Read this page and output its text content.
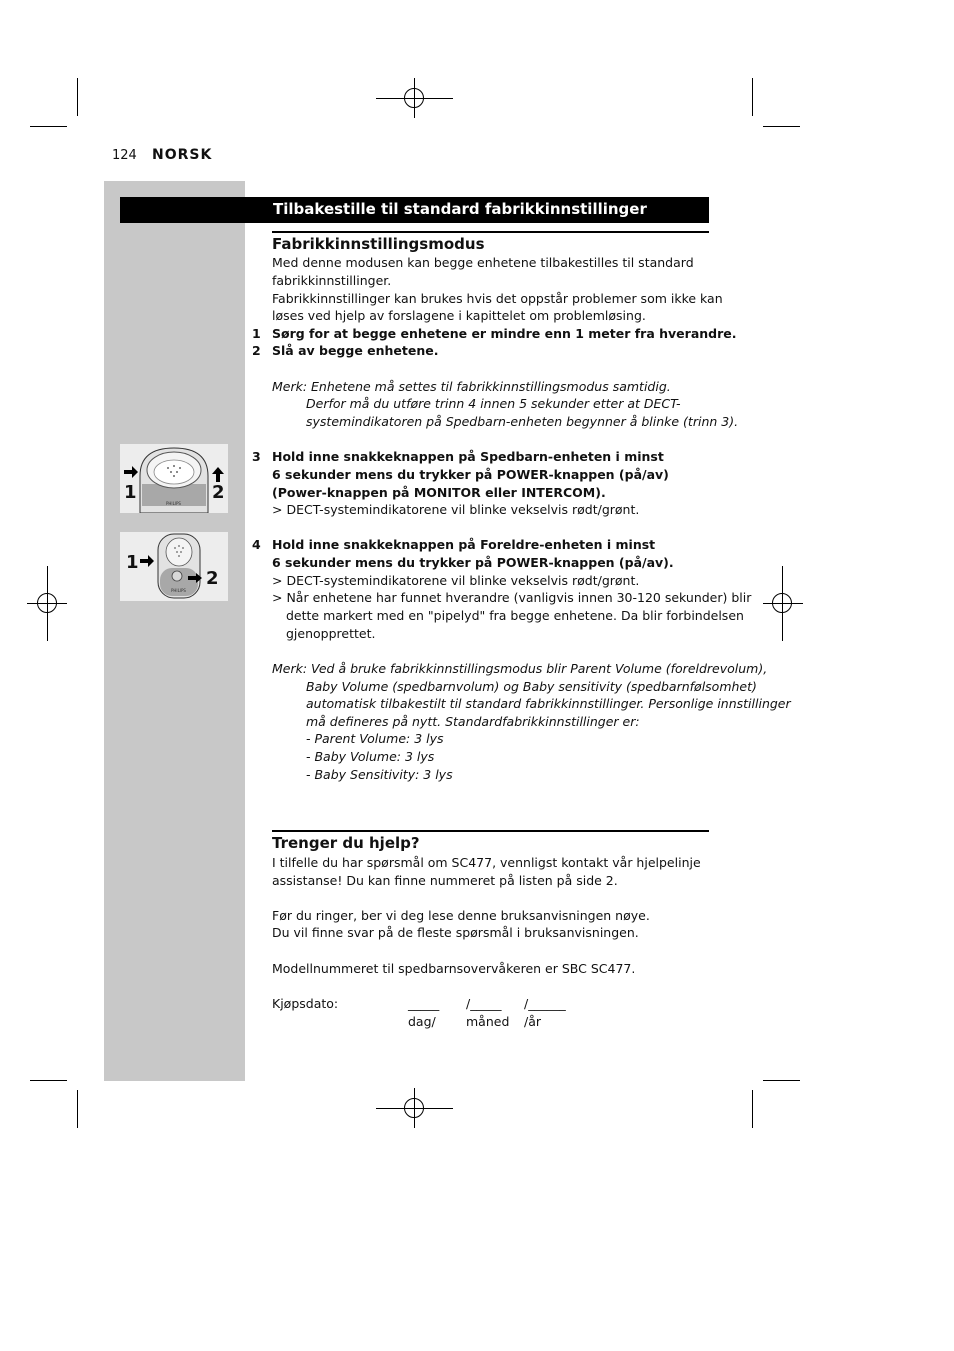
124 NORSK
Tilbakestille til standard fabrikkinnstillinger
Fabrikkinnstillingsmodus
Med denne modusen kan begge enhetene tilbakestilles til standard
fabrikkinnstillinger.
Fabrikkinnstillinger kan brukes hvis det oppstår problemer som ikke kan
løses ved hjelp av forslagene i kapittelet om problemløsing.
1 Sørg for at begge enhetene er mindre enn 1 meter fra hverandre.
2 Slå av begge enhetene.
Merk: Enhetene må settes til fabrikkinnstillingsmodus samtidig.
Derfor må du utføre trinn 4 innen 5 sekunder etter at DECT-
systemindikatoren på Spedbarn-enheten begynner å blinke (trinn 3).
1	2
PHILIPS
3 Hold inne snakkeknappen på Spedbarn-enheten i minst
6 sekunder mens du trykker på POWER-knappen (på/av)
(Power-knappen på MONITOR eller INTERCOM).
> DECT-systemindikatorene vil blinke vekselvis rødt/grønt.
1
2
PHILIPS
4 Hold inne snakkeknappen på Foreldre-enheten i minst
6 sekunder mens du trykker på POWER-knappen (på/av).
> DECT-systemindikatorene vil blinke vekselvis rødt/grønt.
> Når enhetene har funnet hverandre (vanligvis innen 30-120 sekunder) blir
dette markert med en "pipelyd" fra begge enhetene. Da blir forbindelsen
gjenopprettet.
Merk: Ved å bruke fabrikkinnstillingsmodus blir Parent Volume (foreldrevolum),
Baby Volume (spedbarnvolum) og Baby sensitivity (spedbarnfølsomhet)
automatisk tilbakestilt til standard fabrikkinnstillinger. Personlige innstillinger
må defineres på nytt. Standardfabrikkinnstillinger er:
- Parent Volume: 3 lys
- Baby Volume: 3 lys
- Baby Sensitivity: 3 lys
Trenger du hjelp?
I tilfelle du har spørsmål om SC477, vennligst kontakt vår hjelpelinje
assistanse! Du kan finne nummeret på listen på side 2.
Før du ringer, ber vi deg lese denne bruksanvisningen nøye.
Du vil finne svar på de fleste spørsmål i bruksanvisningen.
Modellnummeret til spedbarnsovervåkeren er SBC SC477.
Kjøpsdato:	_____ /_____ /______
dag/ måned /år
